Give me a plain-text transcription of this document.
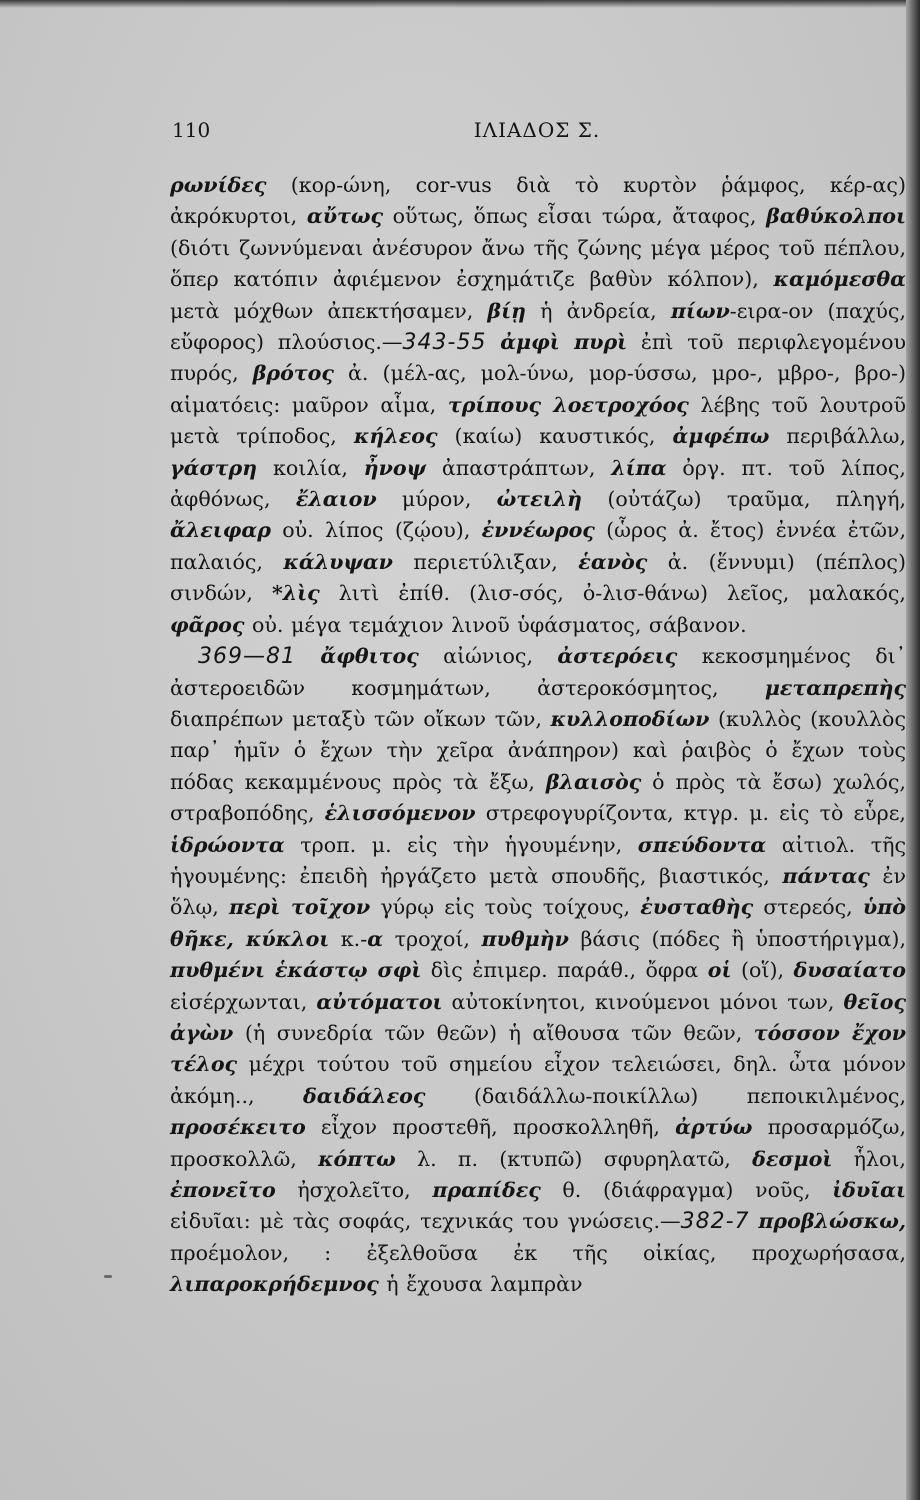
110	ΙΛΙΑΔΟΣ Σ.

ρωνίδες (κορ-ώνη, cor-vus διὰ τὸ κυρτὸν ῥάμφος, κέρ-ας) ἀκρόκυρτοι, αὔτως οὕτως, ὅπως εἶσαι τώρα, ἄταφος, βαθύκολποι (διότι ζωννύμεναι ἀνέσυρον ἄνω τῆς ζώνης μέγα μέρος τοῦ πέπλου, ὅπερ κατόπιν ἀφιέμενον ἐσχημάτιζε βαθὺν κόλπον), καμόμεσθα μετὰ μόχθων ἀπεκτήσαμεν, βίῃ ἡ ἀνδρεία, πίων-ειρα-ον (παχύς, εὔφορος) πλούσιος.—343-55 ἀμφὶ πυρὶ ἐπὶ τοῦ περιφλεγομένου πυρός, βρότος ἀ. (μέλ-ας, μολ-ύνω, μορ-ύσσω, μρο-, μβρο-, βρο-) αἱματόεις: μαῦρον αἷμα, τρίπους λοετροχόος λέβης τοῦ λουτροῦ μετὰ τρίποδος, κήλεος (καίω) καυστικός, ἀμφέπω περιβάλλω, γάστρη κοιλία, ἦνοψ ἀπαστράπτων, λίπα ὀργ. πτ. τοῦ λίπος, ἀφθόνως, ἔλαιον μύρον, ὠτειλὴ (οὐτάζω) τραῦμα, πληγή, ἄλειφαρ οὐ. λίπος (ζῴου), ἐννέωρος (ὧρος ἀ. ἔτος) ἐννέα ἐτῶν, παλαιός, κάλυψαν περιετύλιξαν, ἑανὸς ἀ. (ἕννυμι) (πέπλος) σινδών, *λὶς λιτὶ ἐπίθ. (λισ-σός, ὀ-λισ-θάνω) λεῖος, μαλακός, φᾶρος οὐ. μέγα τεμάχιον λινοῦ ὑφάσματος, σάβανον.

369—81 ἄφθιτος αἰώνιος, ἀστερόεις κεκοσμημένος δι᾽ ἀστεροειδῶν κοσμημάτων, ἀστεροκόσμητος, μεταπρεπὴς διαπρέπων μεταξὺ τῶν οἴκων τῶν, κυλλοποδίων (κυλλὸς (κουλλὸς παρ᾽ ἡμῖν ὁ ἔχων τὴν χεῖρα ἀνάπηρον) καὶ ῥαιβὸς ὁ ἔχων τοὺς πόδας κεκαμμένους πρὸς τὰ ἔξω, βλαισὸς ὁ πρὸς τὰ ἔσω) χωλός, στραβοπόδης, ἑλισσόμενον στρεφογυρίζοντα, κτγρ. μ. εἰς τὸ εὗρε, ἱδρώοντα τροπ. μ. εἰς τὴν ἡγουμένην, σπεύδοντα αἰτιολ. τῆς ἡγουμένης: ἐπειδὴ ἠργάζετο μετὰ σπουδῆς, βιαστικός, πάντας ἐν ὅλῳ, περὶ τοῖχον γύρῳ εἰς τοὺς τοίχους, ἐυσταθὴς στερεός, ὑπὸ θῆκε, κύκλοι κ.-α τροχοί, πυθμὴν βάσις (πόδες ἢ ὑποστήριγμα), πυθμένι ἑκάστῳ σφὶ δὶς ἐπιμερ. παράθ., ὄφρα οἱ (οἵ), δυσαίατο εἰσέρχωνται, αὐτόματοι αὐτοκίνητοι, κινούμενοι μόνοι των, θεῖος ἀγὼν (ἡ συνεδρία τῶν θεῶν) ἡ αἴθουσα τῶν θεῶν, τόσσον ἔχον τέλος μέχρι τούτου τοῦ σημείου εἶχον τελειώσει, δηλ. ὦτα μόνον ἀκόμη.., δαιδάλεος (δαιδάλλω-ποικίλλω) πεποικιλμένος, προσέκειτο εἶχον προστεθῆ, προσκολληθῆ, ἀρτύω προσαρμόζω, προσκολλῶ, κόπτω λ. π. (κτυπῶ) σφυρηλατῶ, δεσμοὶ ἧλοι, ἐπονεῖτο ἠσχολεῖτο, πραπίδες θ. (διάφραγμα) νοῦς, ἰδυῖαι εἰδυῖαι: μὲ τὰς σοφάς, τεχνικάς του γνώσεις.—382-7 προβλώσκω, προέμολον, : ἐξελθοῦσα ἐκ τῆς οἰκίας, προχωρήσασα, λιπαροκρήδεμνος ἡ ἔχουσα λαμπρὰν
